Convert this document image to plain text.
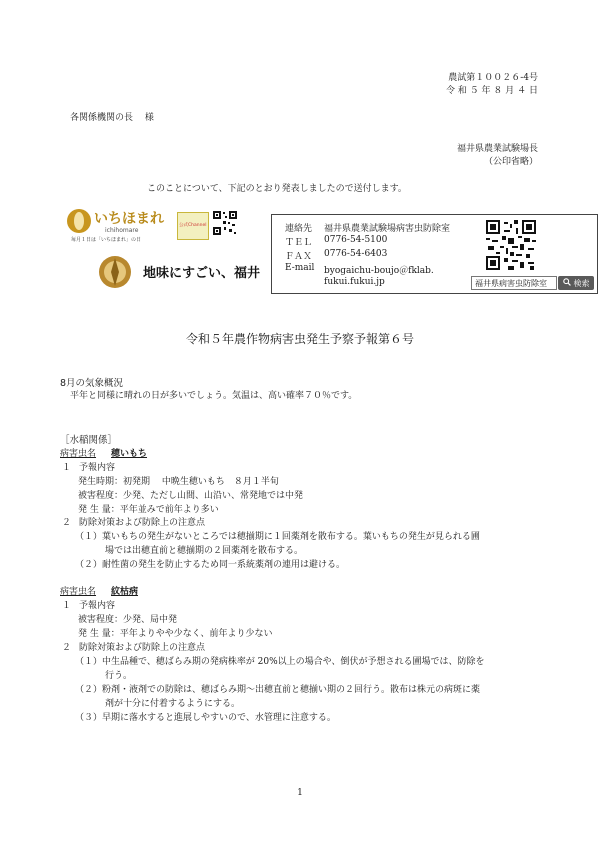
農試第１００２６-4号
令 和 ５ 年 ８ 月 ４ 日
各関係機関の長　 様
福井県農業試験場長
（公印省略）
このことについて、下記のとおり発表しましたので送付します。
いちほまれ
ichihomare
毎月１日は「いちほまれ」の日
公式Channel
地味にすごい、福井
連絡先 福井県農業試験場病害虫防除室
ＴＥＬ 0776-54-5100
ＦＡＸ 0776-54-6403
E-mail byogaichu-boujo＠fklab.
fukui.fukui.jp	福井県病害虫防除室	検索
令和５年農作物病害虫発生予察予報第６号
8月の気象概況
平年と同様に晴れの日が多いでしょう。気温は、高い確率７０％です。
［水稲関係］
病害虫名 穂いもち
１ 予報内容
発生時期：初発期　 中晩生穂いもち　８月１半旬
被害程度：少発、ただし山間、山沿い、常発地では中発
発 生 量：平年並みで前年より多い
２ 防除対策および防除上の注意点
（１）葉いもちの発生がないところでは穂揃期に１回薬剤を散布する。葉いもちの発生が見られる圃
場では出穂直前と穂揃期の２回薬剤を散布する。
（２）耐性菌の発生を防止するため同一系統薬剤の連用は避ける。
病害虫名 紋枯病
１ 予報内容
被害程度：少発、局中発
発 生 量：平年よりやや少なく、前年より少ない
２ 防除対策および防除上の注意点
（１）中生品種で、穂ばらみ期の発病株率が 20%以上の場合や、倒伏が予想される圃場では、防除を
行う。
（２）粉剤・液剤での防除は、穂ばらみ期～出穂直前と穂揃い期の２回行う。散布は株元の病斑に薬
剤が十分に付着するようにする。
（３）早期に落水すると進展しやすいので、水管理に注意する。
1
